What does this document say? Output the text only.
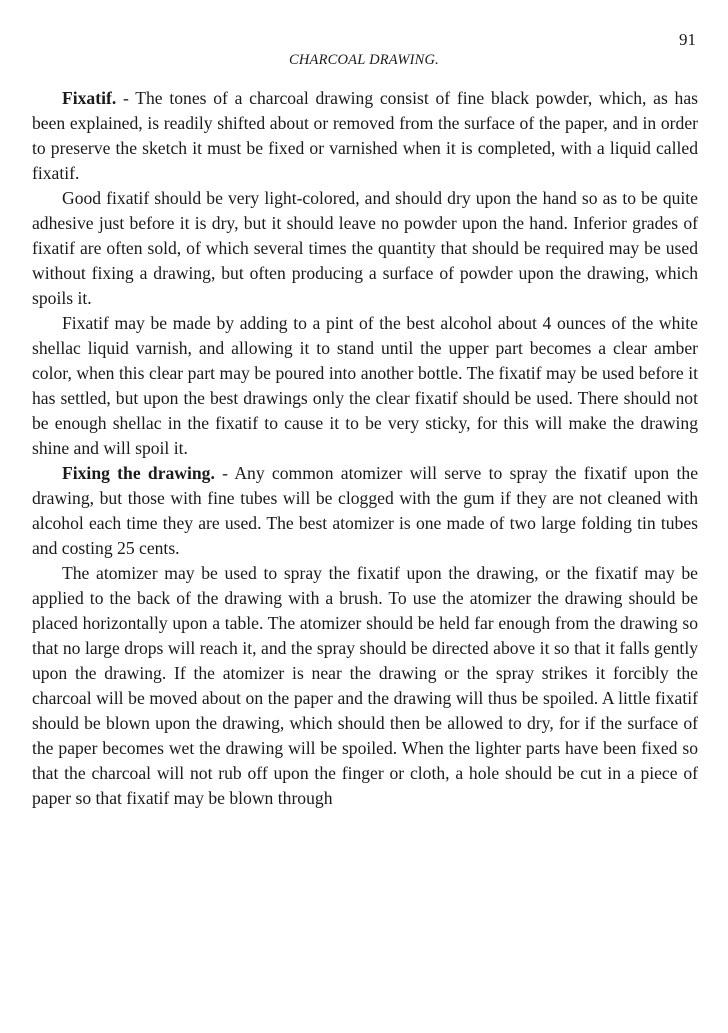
91
CHARCOAL DRAWING.

Fixatif. - The tones of a charcoal drawing consist of fine black powder, which, as has been explained, is readily shifted about or removed from the surface of the paper, and in order to preserve the sketch it must be fixed or varnished when it is completed, with a liquid called fixatif.

Good fixatif should be very light-colored, and should dry upon the hand so as to be quite adhesive just before it is dry, but it should leave no powder upon the hand. Inferior grades of fixatif are often sold, of which several times the quantity that should be required may be used without fixing a drawing, but often producing a surface of powder upon the drawing, which spoils it.

Fixatif may be made by adding to a pint of the best alcohol about 4 ounces of the white shellac liquid varnish, and allowing it to stand until the upper part becomes a clear amber color, when this clear part may be poured into another bottle. The fixatif may be used before it has settled, but upon the best drawings only the clear fixatif should be used. There should not be enough shellac in the fixatif to cause it to be very sticky, for this will make the drawing shine and will spoil it.

Fixing the drawing. - Any common atomizer will serve to spray the fixatif upon the drawing, but those with fine tubes will be clogged with the gum if they are not cleaned with alcohol each time they are used. The best atomizer is one made of two large folding tin tubes and costing 25 cents.

The atomizer may be used to spray the fixatif upon the drawing, or the fixatif may be applied to the back of the drawing with a brush. To use the atomizer the drawing should be placed horizontally upon a table. The atomizer should be held far enough from the drawing so that no large drops will reach it, and the spray should be directed above it so that it falls gently upon the drawing. If the atomizer is near the drawing or the spray strikes it forcibly the charcoal will be moved about on the paper and the drawing will thus be spoiled. A little fixatif should be blown upon the drawing, which should then be allowed to dry, for if the surface of the paper becomes wet the drawing will be spoiled. When the lighter parts have been fixed so that the charcoal will not rub off upon the finger or cloth, a hole should be cut in a piece of paper so that fixatif may be blown through
